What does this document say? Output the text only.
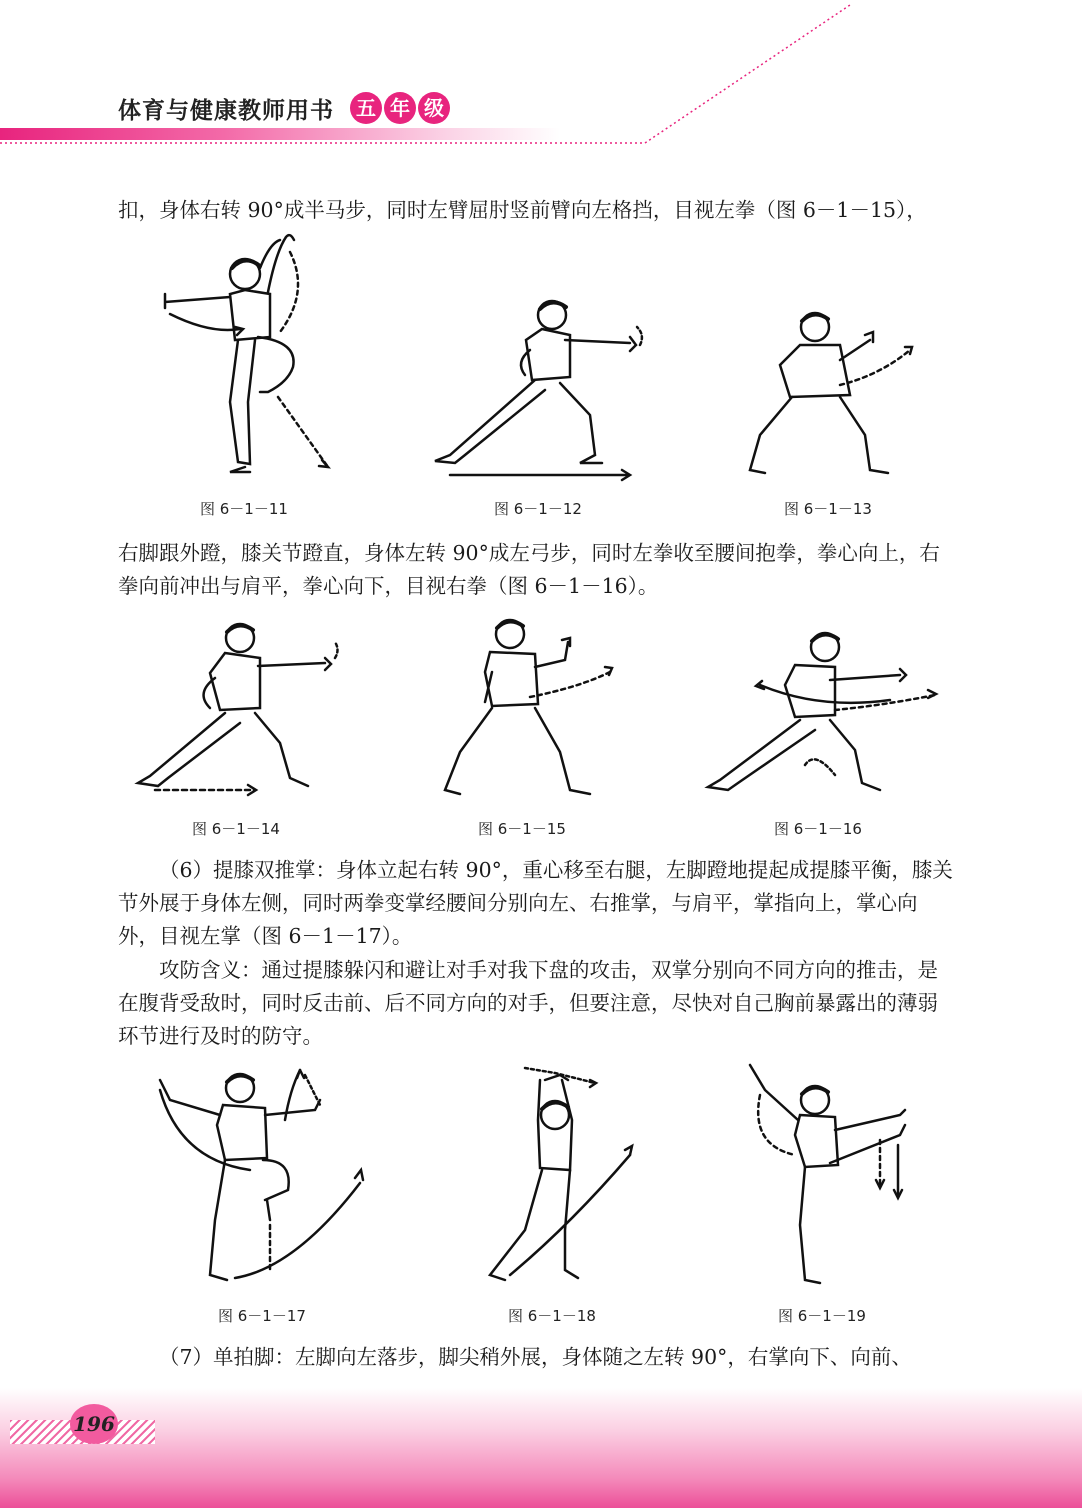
体育与健康教师用书	五 年 级

扣，身体右转 90°成半马步，同时左臂屈肘竖前臂向左格挡，目视左拳（图 6－1－15），

图 6－1－11	图 6－1－12	图 6－1－13

右脚跟外蹬，膝关节蹬直，身体左转 90°成左弓步，同时左拳收至腰间抱拳，拳心向上，右拳向前冲出与肩平，拳心向下，目视右拳（图 6－1－16）。

图 6－1－14	图 6－1－15	图 6－1－16

（6）提膝双推掌：身体立起右转 90°，重心移至右腿，左脚蹬地提起成提膝平衡，膝关节外展于身体左侧，同时两拳变掌经腰间分别向左、右推掌，与肩平，掌指向上，掌心向外，目视左掌（图 6－1－17）。

攻防含义：通过提膝躲闪和避让对手对我下盘的攻击，双掌分别向不同方向的推击，是在腹背受敌时，同时反击前、后不同方向的对手，但要注意，尽快对自己胸前暴露出的薄弱环节进行及时的防守。

图 6－1－17	图 6－1－18	图 6－1－19

（7）单拍脚：左脚向左落步，脚尖稍外展，身体随之左转 90°，右掌向下、向前、

196
